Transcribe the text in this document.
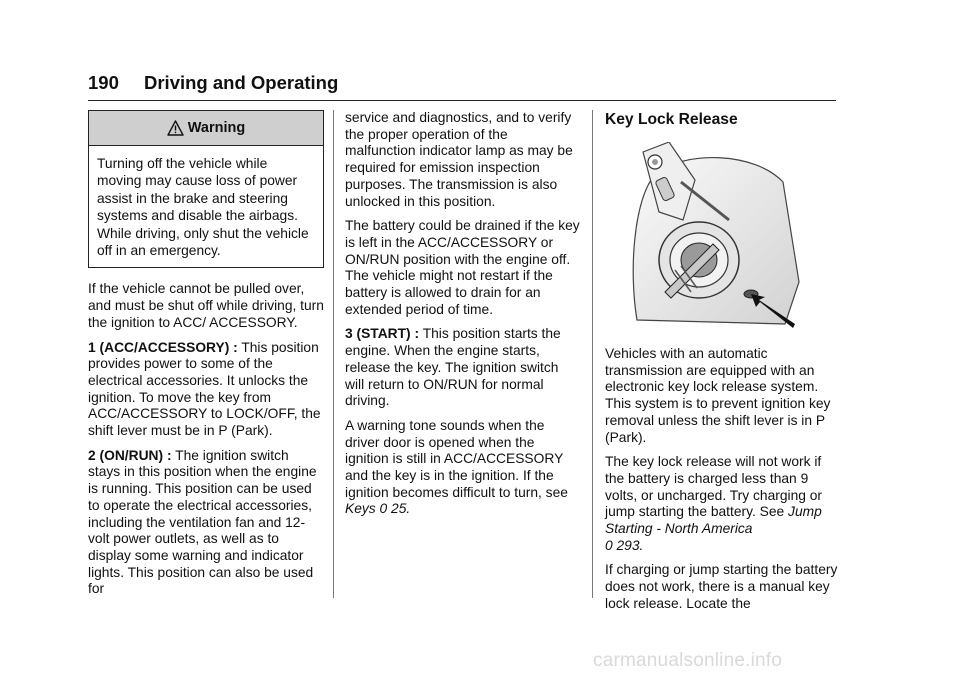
190 Driving and Operating
Warning
Turning off the vehicle while moving may cause loss of power assist in the brake and steering systems and disable the airbags. While driving, only shut the vehicle off in an emergency.

If the vehicle cannot be pulled over, and must be shut off while driving, turn the ignition to ACC/ ACCESSORY.

1 (ACC/ACCESSORY) : This position provides power to some of the electrical accessories. It unlocks the ignition. To move the key from ACC/ACCESSORY to LOCK/OFF, the shift lever must be in P (Park).

2 (ON/RUN) : The ignition switch stays in this position when the engine is running. This position can be used to operate the electrical accessories, including the ventilation fan and 12-volt power outlets, as well as to display some warning and indicator lights. This position can also be used for

service and diagnostics, and to verify the proper operation of the malfunction indicator lamp as may be required for emission inspection purposes. The transmission is also unlocked in this position.

The battery could be drained if the key is left in the ACC/ACCESSORY or ON/RUN position with the engine off. The vehicle might not restart if the battery is allowed to drain for an extended period of time.

3 (START) : This position starts the engine. When the engine starts, release the key. The ignition switch will return to ON/RUN for normal driving.

A warning tone sounds when the driver door is opened when the ignition is still in ACC/ACCESSORY and the key is in the ignition. If the ignition becomes difficult to turn, see Keys 0 25.

Key Lock Release

Vehicles with an automatic transmission are equipped with an electronic key lock release system. This system is to prevent ignition key removal unless the shift lever is in P (Park).

The key lock release will not work if the battery is charged less than 9 volts, or uncharged. Try charging or jump starting the battery. See Jump Starting - North America
0 293.

If charging or jump starting the battery does not work, there is a manual key lock release. Locate the

carmanualsonline.info
